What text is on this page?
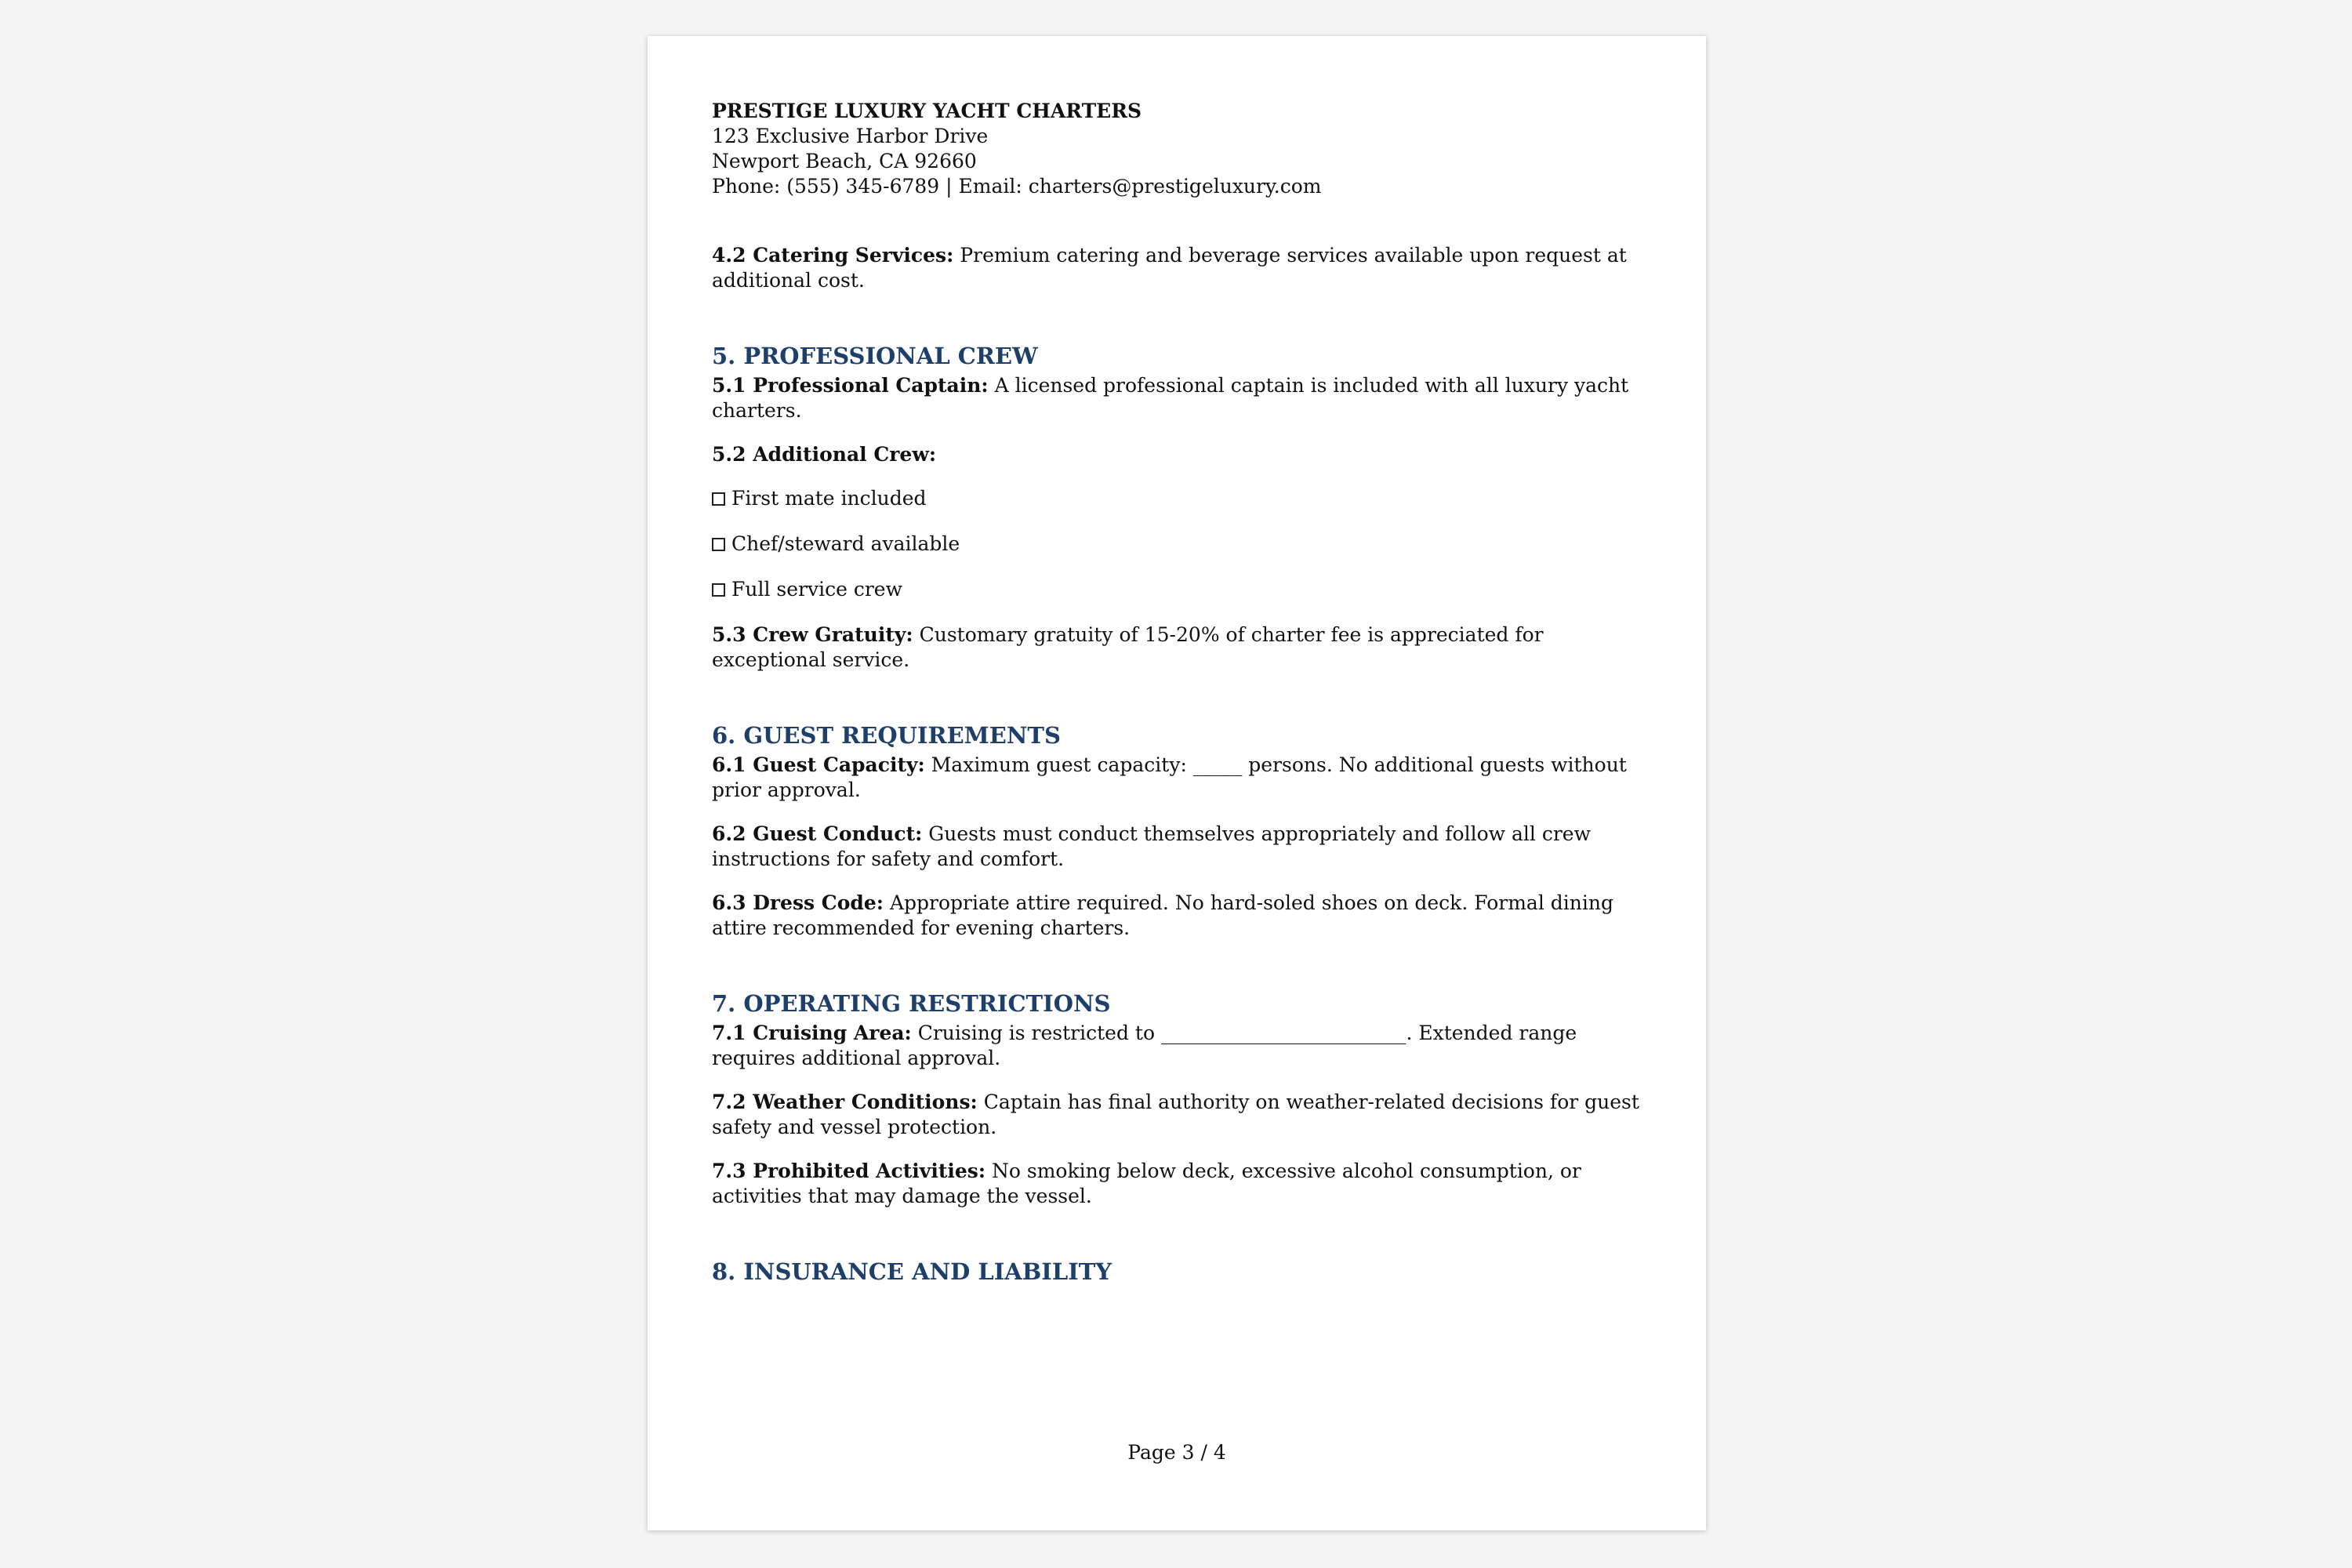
PRESTIGE LUXURY YACHT CHARTERS
123 Exclusive Harbor Drive
Newport Beach, CA 92660
Phone: (555) 345-6789 | Email: charters@prestigeluxury.com

4.2 Catering Services: Premium catering and beverage services available upon request at additional cost.

5. PROFESSIONAL CREW

5.1 Professional Captain: A licensed professional captain is included with all luxury yacht charters.

5.2 Additional Crew:

First mate included
Chef/steward available
Full service crew

5.3 Crew Gratuity: Customary gratuity of 15-20% of charter fee is appreciated for exceptional service.

6. GUEST REQUIREMENTS

6.1 Guest Capacity: Maximum guest capacity: _____ persons. No additional guests without prior approval.

6.2 Guest Conduct: Guests must conduct themselves appropriately and follow all crew instructions for safety and comfort.

6.3 Dress Code: Appropriate attire required. No hard-soled shoes on deck. Formal dining attire recommended for evening charters.

7. OPERATING RESTRICTIONS

7.1 Cruising Area: Cruising is restricted to _________________________. Extended range requires additional approval.

7.2 Weather Conditions: Captain has final authority on weather-related decisions for guest safety and vessel protection.

7.3 Prohibited Activities: No smoking below deck, excessive alcohol consumption, or activities that may damage the vessel.

8. INSURANCE AND LIABILITY
Page 3 / 4
